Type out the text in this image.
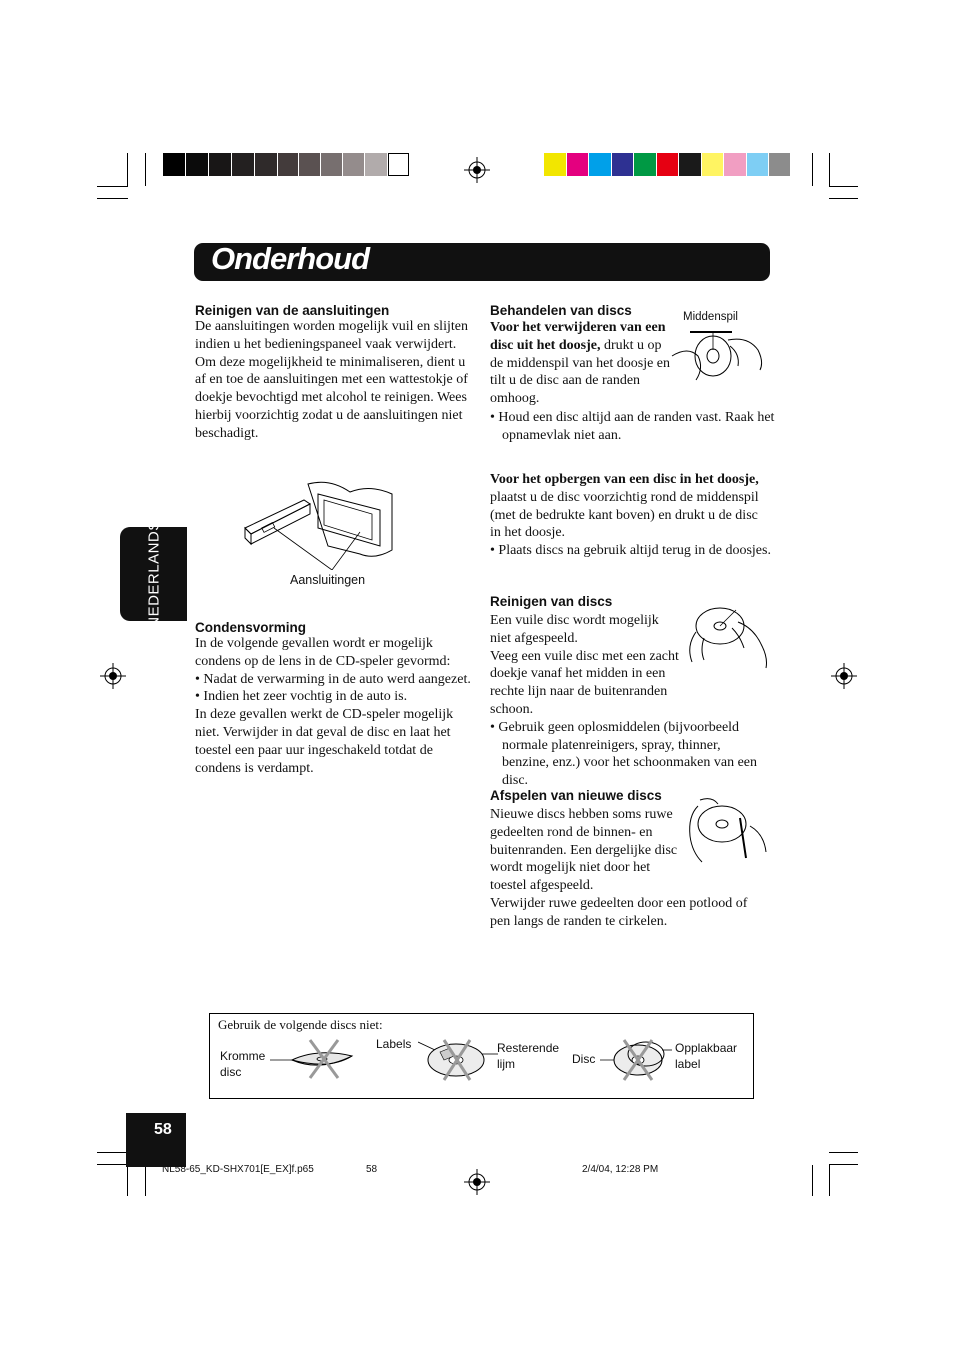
Onderhoud
NEDERLANDS
Reinigen van de aansluitingen
De aansluitingen worden mogelijk vuil en slijten indien u het bedieningspaneel vaak verwijdert.
Om deze mogelijkheid te minimaliseren, dient u af en toe de aansluitingen met een wattestokje of doekje bevochtigd met alcohol te reinigen. Wees hierbij voorzichtig zodat u de aansluitingen niet beschadigt.
Aansluitingen
Condensvorming
In de volgende gevallen wordt er mogelijk condens op de lens in de CD-speler gevormd:
• Nadat de verwarming in de auto werd aangezet.
• Indien het zeer vochtig in de auto is.
In deze gevallen werkt de CD-speler mogelijk niet. Verwijder in dat geval de disc en laat het toestel een paar uur ingeschakeld totdat de condens is verdampt.
Behandelen van discs	Middenspil
Voor het verwijderen van een disc uit het doosje, drukt u op de middenspil van het doosje en tilt u de disc aan de randen omhoog.
• Houd een disc altijd aan de randen vast. Raak het opnamevlak niet aan.
Voor het opbergen van een disc in het doosje,
plaatst u de disc voorzichtig rond de middenspil (met de bedrukte kant boven) en drukt u de disc in het doosje.
• Plaats discs na gebruik altijd terug in de doosjes.
Reinigen van discs
Een vuile disc wordt mogelijk niet afgespeeld.
Veeg een vuile disc met een zacht doekje vanaf het midden in een rechte lijn naar de buitenranden schoon.
• Gebruik geen oplosmiddelen (bijvoorbeeld normale platenreinigers, spray, thinner, benzine, enz.) voor het schoonmaken van een disc.
Afspelen van nieuwe discs
Nieuwe discs hebben soms ruwe gedeelten rond de binnen- en buitenranden. Een dergelijke disc wordt mogelijk niet door het toestel afgespeeld.
Verwijder ruwe gedeelten door een potlood of pen langs de randen te cirkelen.
Gebruik de volgende discs niet:
Kromme disc
Labels	Resterende lijm	Disc
Opplakbaar label
58
NL58-65_KD-SHX701[E_EX]f.p65	58	2/4/04, 12:28 PM
